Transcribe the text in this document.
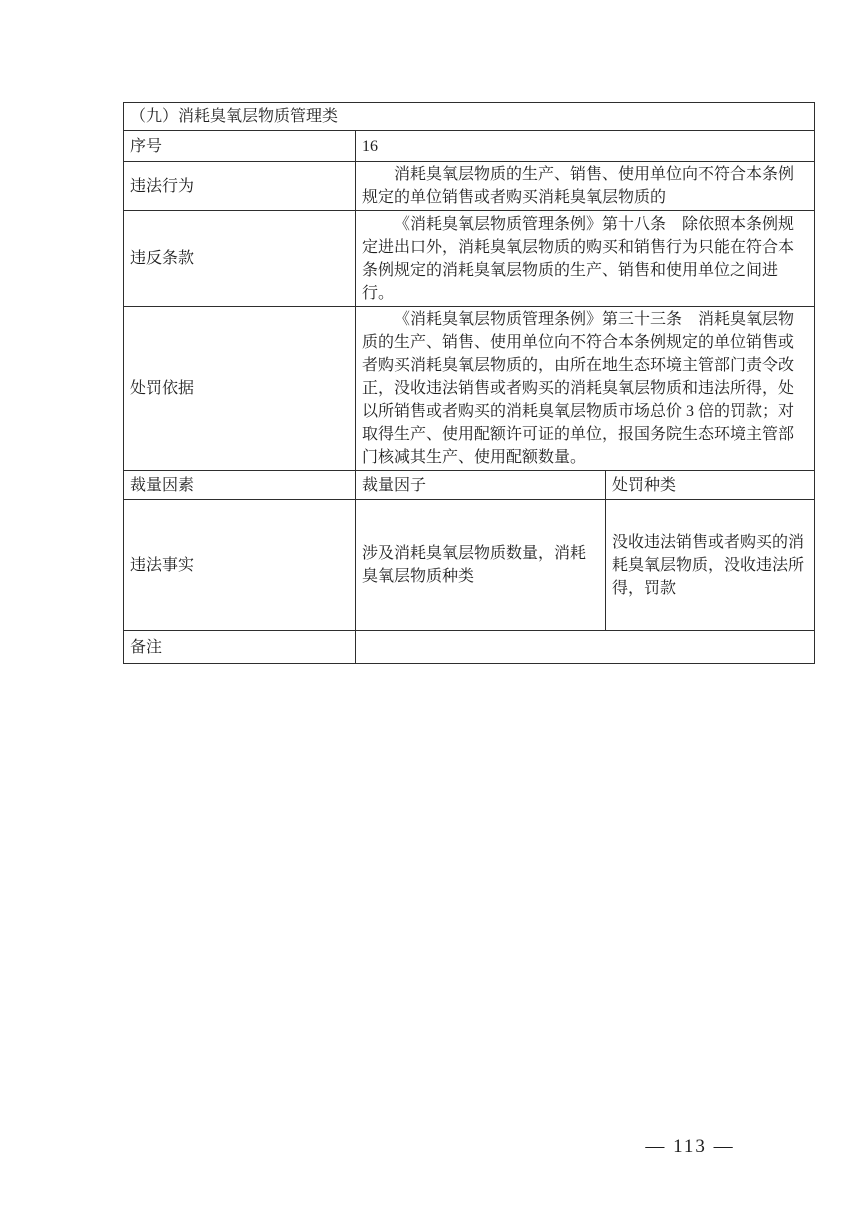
（九）消耗臭氧层物质管理类		
序号	16	
违法行为	消耗臭氧层物质的生产、销售、使用单位向不符合本条例规定的单位销售或者购买消耗臭氧层物质的	
违反条款	《消耗臭氧层物质管理条例》第十八条　除依照本条例规定进出口外，消耗臭氧层物质的购买和销售行为只能在符合本条例规定的消耗臭氧层物质的生产、销售和使用单位之间进行。	
处罚依据	《消耗臭氧层物质管理条例》第三十三条　消耗臭氧层物质的生产、销售、使用单位向不符合本条例规定的单位销售或者购买消耗臭氧层物质的，由所在地生态环境主管部门责令改正，没收违法销售或者购买的消耗臭氧层物质和违法所得，处以所销售或者购买的消耗臭氧层物质市场总价 3 倍的罚款；对取得生产、使用配额许可证的单位，报国务院生态环境主管部门核减其生产、使用配额数量。	
裁量因素	裁量因子	处罚种类
违法事实	涉及消耗臭氧层物质数量，消耗臭氧层物质种类	没收违法销售或者购买的消耗臭氧层物质，没收违法所得，罚款
备注		
— 113 —
